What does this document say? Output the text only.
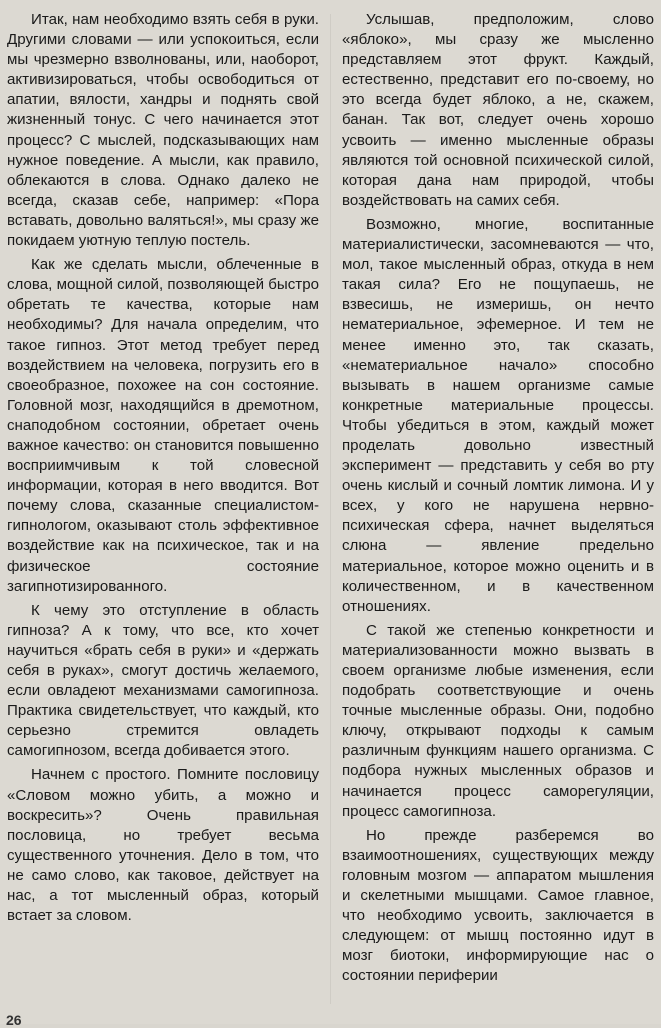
Итак, нам необходимо взять себя в руки. Другими словами — или успокоиться, если мы чрезмерно взволнованы, или, наоборот, активизироваться, чтобы освободиться от апатии, вялости, хандры и поднять свой жизненный тонус. С чего начинается этот процесс? С мыслей, подсказывающих нам нужное поведение. А мысли, как правило, облекаются в слова. Однако далеко не всегда, сказав себе, например: «Пора вставать, довольно валяться!», мы сразу же покидаем уютную теплую постель.

Как же сделать мысли, облеченные в слова, мощной силой, позволяющей быстро обретать те качества, которые нам необходимы? Для начала определим, что такое гипноз. Этот метод требует перед воздействием на человека, погрузить его в своеобразное, похожее на сон состояние. Головной мозг, находящийся в дремотном, снаподобном состоянии, обретает очень важное качество: он становится повышенно восприимчивым к той словесной информации, которая в него вводится. Вот почему слова, сказанные специалистом-гипнологом, оказывают столь эффективное воздействие как на психическое, так и на физическое состояние загипнотизированного.

К чему это отступление в область гипноза? А к тому, что все, кто хочет научиться «брать себя в руки» и «держать себя в руках», смогут достичь желаемого, если овладеют механизмами самогипноза. Практика свидетельствует, что каждый, кто серьезно стремится овладеть самогипнозом, всегда добивается этого.

Начнем с простого. Помните пословицу «Словом можно убить, а можно и воскресить»? Очень правильная пословица, но требует весьма существенного уточнения. Дело в том, что не само слово, как таковое, действует на нас, а тот мысленный образ, который встает за словом.

Услышав, предположим, слово «яблоко», мы сразу же мысленно представляем этот фрукт. Каждый, естественно, представит его по-своему, но это всегда будет яблоко, а не, скажем, банан. Так вот, следует очень хорошо усвоить — именно мысленные образы являются той основной психической силой, которая дана нам природой, чтобы воздействовать на самих себя.

Возможно, многие, воспитанные материалистически, засомневаются — что, мол, такое мысленный образ, откуда в нем такая сила? Его не пощупаешь, не взвесишь, не измеришь, он нечто нематериальное, эфемерное. И тем не менее именно это, так сказать, «нематериальное начало» способно вызывать в нашем организме самые конкретные материальные процессы. Чтобы убедиться в этом, каждый может проделать довольно известный эксперимент — представить у себя во рту очень кислый и сочный ломтик лимона. И у всех, у кого не нарушена нервно-психическая сфера, начнет выделяться слюна — явление предельно материальное, которое можно оценить и в количественном, и в качественном отношениях.

С такой же степенью конкретности и материализованности можно вызвать в своем организме любые изменения, если подобрать соответствующие и очень точные мысленные образы. Они, подобно ключу, открывают подходы к самым различным функциям нашего организма. С подбора нужных мысленных образов и начинается процесс саморегуляции, процесс самогипноза.

Но прежде разберемся во взаимоотношениях, существующих между головным мозгом — аппаратом мышления и скелетными мышцами. Самое главное, что необходимо усвоить, заключается в следующем: от мышц постоянно идут в мозг биотоки, информирующие нас о состоянии периферии

26
